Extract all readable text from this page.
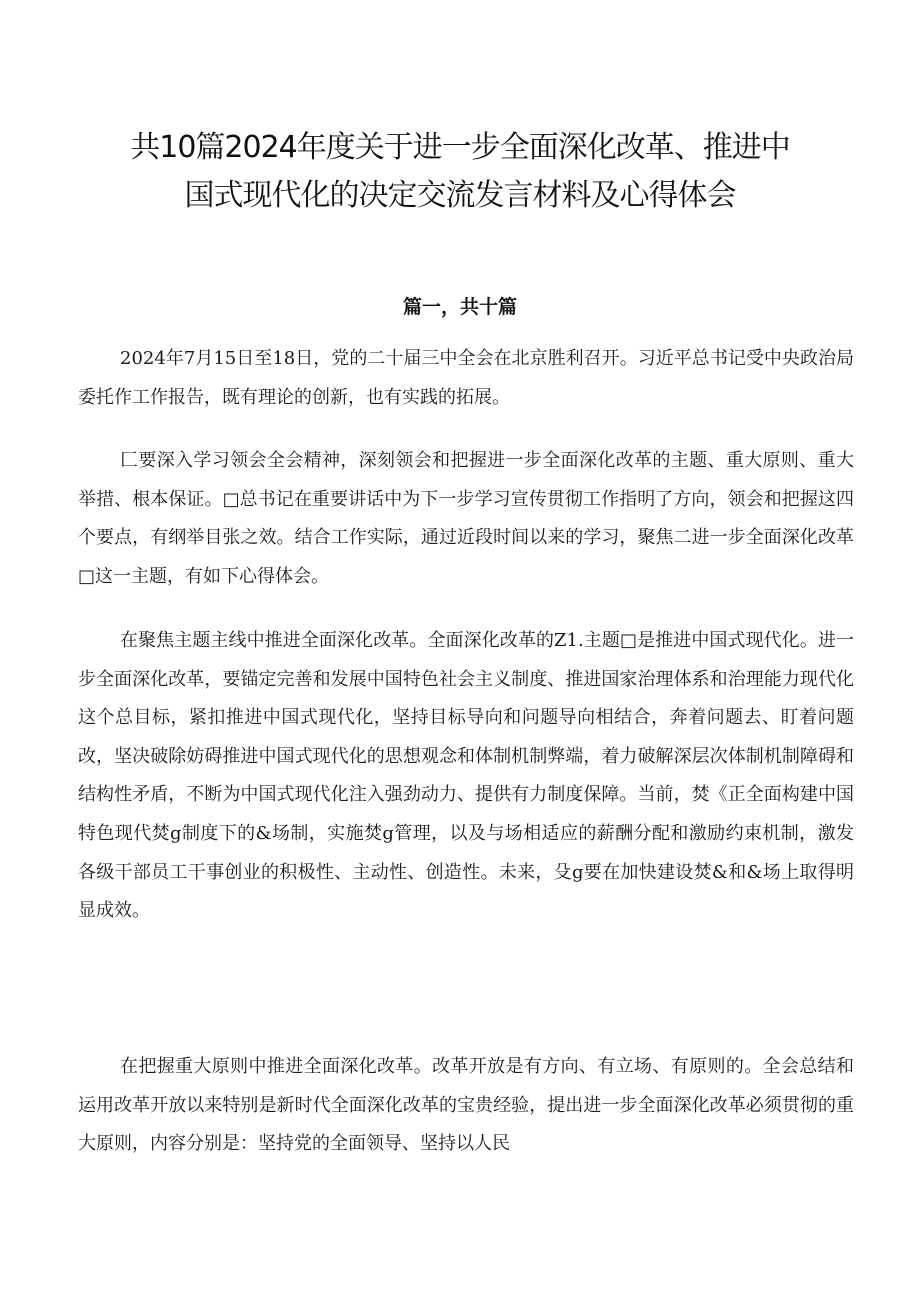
共10篇2024年度关于进一步全面深化改革、推进中
国式现代化的决定交流发言材料及心得体会
篇一，共十篇

2024年7月15日至18日，党的二十届三中全会在北京胜利召开。习近平总书记受中央政治局委托作工作报告，既有理论的创新，也有实践的拓展。

匚要深入学习领会全会精神，深刻领会和把握进一步全面深化改革的主题、重大原则、重大举措、根本保证。□总书记在重要讲话中为下一步学习宣传贯彻工作指明了方向，领会和把握这四个要点，有纲举目张之效。结合工作实际，通过近段时间以来的学习，聚焦二进一步全面深化改革□这一主题，有如下心得体会。

在聚焦主题主线中推进全面深化改革。全面深化改革的Z1.主题□是推进中国式现代化。进一步全面深化改革，要锚定完善和发展中国特色社会主义制度、推进国家治理体系和治理能力现代化这个总目标，紧扣推进中国式现代化，坚持目标导向和问题导向相结合，奔着问题去、盯着问题改，坚决破除妨碍推进中国式现代化的思想观念和体制机制弊端，着力破解深层次体制机制障碍和结构性矛盾，不断为中国式现代化注入强劲动力、提供有力制度保障。当前，焚《正全面构建中国特色现代焚g制度下的&场制，实施焚g管理，以及与场相适应的薪酬分配和激励约束机制，激发各级干部员工干事创业的积极性、主动性、创造性。未来，殳g要在加快建设焚&和&场上取得明显成效。

在把握重大原则中推进全面深化改革。改革开放是有方向、有立场、有原则的。全会总结和运用改革开放以来特别是新时代全面深化改革的宝贵经验，提出进一步全面深化改革必须贯彻的重大原则，内容分别是：坚持党的全面领导、坚持以人民
